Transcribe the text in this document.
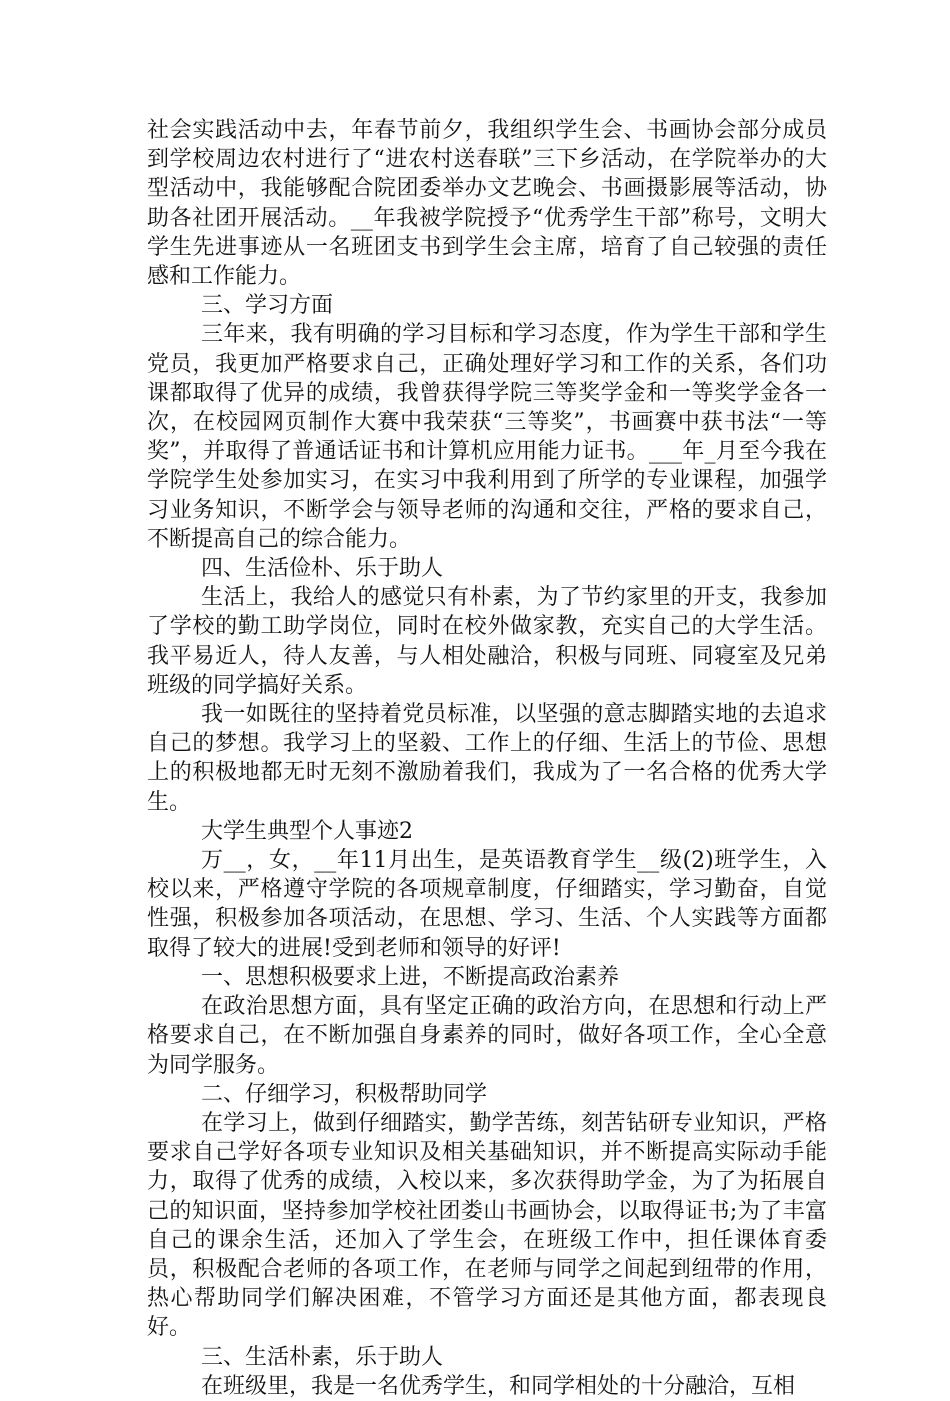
社会实践活动中去，年春节前夕，我组织学生会、书画协会部分成员到学校周边农村进行了“进农村送春联”三下乡活动，在学院举办的大型活动中，我能够配合院团委举办文艺晚会、书画摄影展等活动，协助各社团开展活动。__年我被学院授予“优秀学生干部”称号，文明大学生先进事迹从一名班团支书到学生会主席，培育了自己较强的责任感和工作能力。

三、学习方面

三年来，我有明确的学习目标和学习态度，作为学生干部和学生党员，我更加严格要求自己，正确处理好学习和工作的关系，各们功课都取得了优异的成绩，我曾获得学院三等奖学金和一等奖学金各一次，在校园网页制作大赛中我荣获“三等奖”，书画赛中获书法“一等奖”，并取得了普通话证书和计算机应用能力证书。___年_月至今我在学院学生处参加实习，在实习中我利用到了所学的专业课程，加强学习业务知识，不断学会与领导老师的沟通和交往，严格的要求自己，不断提高自己的综合能力。

四、生活俭朴、乐于助人

生活上，我给人的感觉只有朴素，为了节约家里的开支，我参加了学校的勤工助学岗位，同时在校外做家教，充实自己的大学生活。我平易近人，待人友善，与人相处融洽，积极与同班、同寝室及兄弟班级的同学搞好关系。

我一如既往的坚持着党员标准，以坚强的意志脚踏实地的去追求自己的梦想。我学习上的坚毅、工作上的仔细、生活上的节俭、思想上的积极地都无时无刻不激励着我们，我成为了一名合格的优秀大学生。

大学生典型个人事迹2

万__，女，__年11月出生，是英语教育学生__级(2)班学生，入校以来，严格遵守学院的各项规章制度，仔细踏实，学习勤奋，自觉性强，积极参加各项活动，在思想、学习、生活、个人实践等方面都取得了较大的进展!受到老师和领导的好评!

一、思想积极要求上进，不断提高政治素养

在政治思想方面，具有坚定正确的政治方向，在思想和行动上严格要求自己，在不断加强自身素养的同时，做好各项工作，全心全意为同学服务。

二、仔细学习，积极帮助同学

在学习上，做到仔细踏实，勤学苦练，刻苦钻研专业知识，严格要求自己学好各项专业知识及相关基础知识，并不断提高实际动手能力，取得了优秀的成绩，入校以来，多次获得助学金，为了为拓展自己的知识面，坚持参加学校社团娄山书画协会，以取得证书;为了丰富自己的课余生活，还加入了学生会，在班级工作中，担任课体育委员，积极配合老师的各项工作，在老师与同学之间起到纽带的作用，热心帮助同学们解决困难，不管学习方面还是其他方面，都表现良好。

三、生活朴素，乐于助人

在班级里，我是一名优秀学生，和同学相处的十分融洽，互相
